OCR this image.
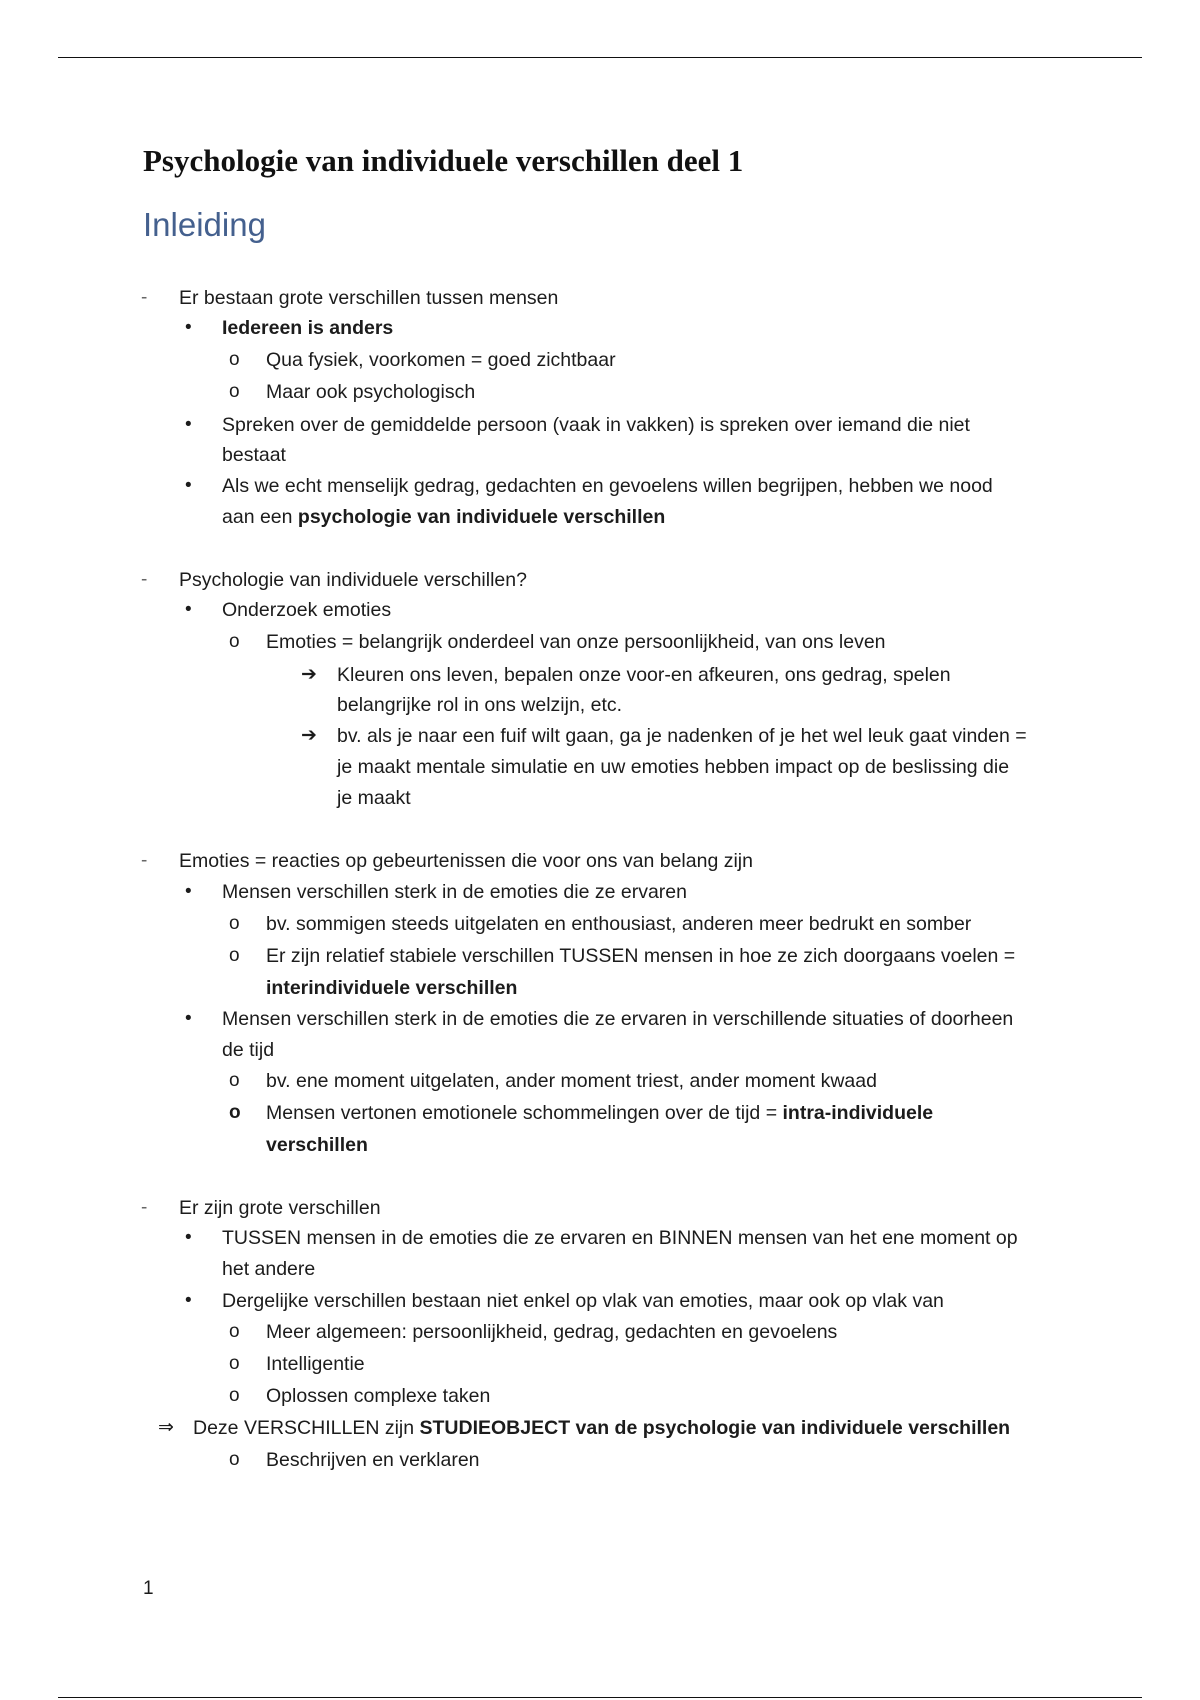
Psychologie van individuele verschillen deel 1
Inleiding
- Er bestaan grote verschillen tussen mensen
• Iedereen is anders
o Qua fysiek, voorkomen = goed zichtbaar
o Maar ook psychologisch
• Spreken over de gemiddelde persoon (vaak in vakken) is spreken over iemand die niet
bestaat
• Als we echt menselijk gedrag, gedachten en gevoelens willen begrijpen, hebben we nood
aan een psychologie van individuele verschillen
- Psychologie van individuele verschillen?
• Onderzoek emoties
o Emoties = belangrijk onderdeel van onze persoonlijkheid, van ons leven
➔ Kleuren ons leven, bepalen onze voor-en afkeuren, ons gedrag, spelen
belangrijke rol in ons welzijn, etc.
➔ bv. als je naar een fuif wilt gaan, ga je nadenken of je het wel leuk gaat vinden =
je maakt mentale simulatie en uw emoties hebben impact op de beslissing die
je maakt
- Emoties = reacties op gebeurtenissen die voor ons van belang zijn
• Mensen verschillen sterk in de emoties die ze ervaren
o bv. sommigen steeds uitgelaten en enthousiast, anderen meer bedrukt en somber
o Er zijn relatief stabiele verschillen TUSSEN mensen in hoe ze zich doorgaans voelen =
interindividuele verschillen
• Mensen verschillen sterk in de emoties die ze ervaren in verschillende situaties of doorheen
de tijd
o bv. ene moment uitgelaten, ander moment triest, ander moment kwaad
o Mensen vertonen emotionele schommelingen over de tijd = intra-individuele
verschillen
- Er zijn grote verschillen
• TUSSEN mensen in de emoties die ze ervaren en BINNEN mensen van het ene moment op
het andere
• Dergelijke verschillen bestaan niet enkel op vlak van emoties, maar ook op vlak van
o Meer algemeen: persoonlijkheid, gedrag, gedachten en gevoelens
o Intelligentie
o Oplossen complexe taken
⇒ Deze VERSCHILLEN zijn STUDIEOBJECT van de psychologie van individuele verschillen
o Beschrijven en verklaren
1
